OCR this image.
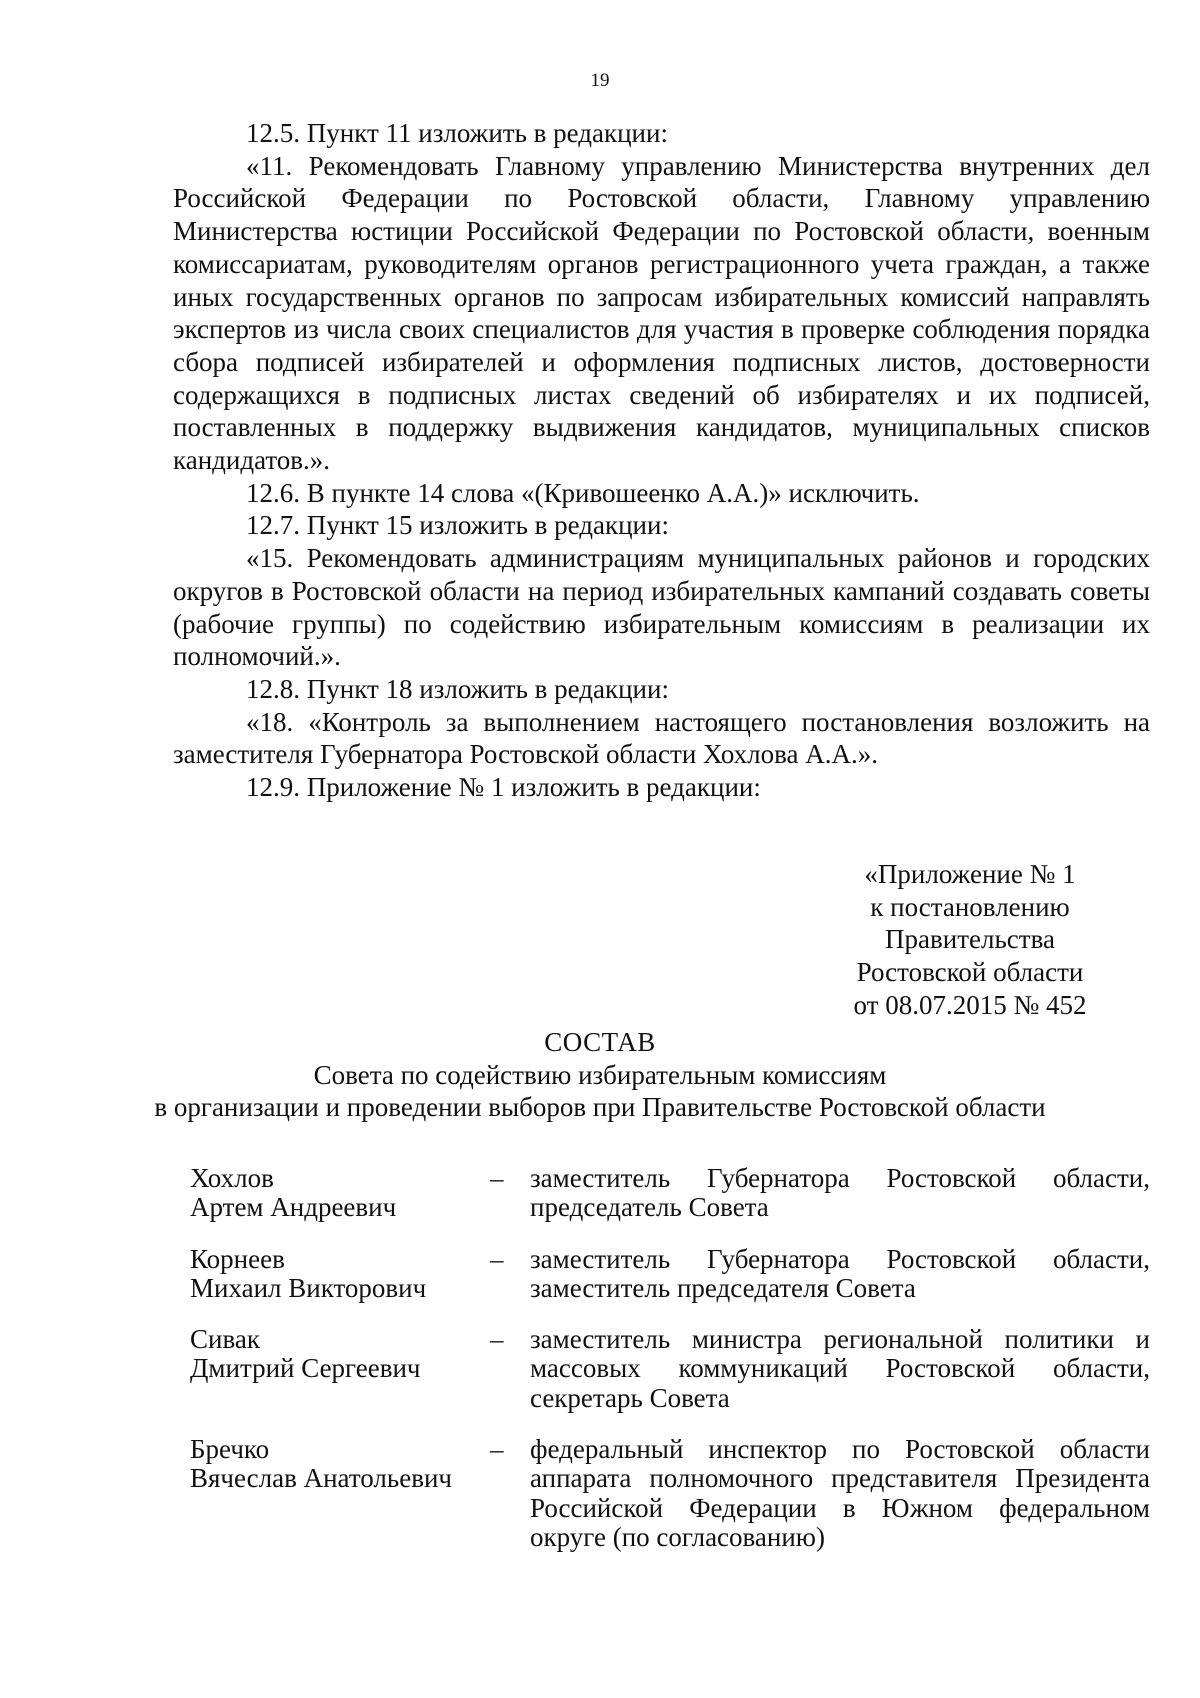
19

12.5. Пункт 11 изложить в редакции:

«11. Рекомендовать Главному управлению Министерства внутренних дел Российской Федерации по Ростовской области, Главному управлению Министерства юстиции Российской Федерации по Ростовской области, военным комиссариатам, руководителям органов регистрационного учета граждан, а также иных государственных органов по запросам избирательных комиссий направлять экспертов из числа своих специалистов для участия в проверке соблюдения порядка сбора подписей избирателей и оформления подписных листов, достоверности содержащихся в подписных листах сведений об избирателях и их подписей, поставленных в поддержку выдвижения кандидатов, муниципальных списков кандидатов.».

12.6. В пункте 14 слова «(Кривошеенко А.А.)» исключить.

12.7. Пункт 15 изложить в редакции:

«15. Рекомендовать администрациям муниципальных районов и городских округов в Ростовской области на период избирательных кампаний создавать советы (рабочие группы) по содействию избирательным комиссиям в реализации их полномочий.».

12.8. Пункт 18 изложить в редакции:

«18. «Контроль за выполнением настоящего постановления возложить на заместителя Губернатора Ростовской области Хохлова А.А.».

12.9. Приложение № 1 изложить в редакции:

«Приложение № 1
к постановлению
Правительства
Ростовской области
от 08.07.2015 № 452
СОСТАВ
Совета по содействию избирательным комиссиям
в организации и проведении выборов при Правительстве Ростовской области
Хохлов
Артем Андреевич
– заместитель Губернатора Ростовской области, председатель Совета
Корнеев
Михаил Викторович
– заместитель Губернатора Ростовской области, заместитель председателя Совета
Сивак
Дмитрий Сергеевич
– заместитель министра региональной политики и массовых коммуникаций Ростовской области, секретарь Совета
Бречко
Вячеслав Анатольевич
– федеральный инспектор по Ростовской области аппарата полномочного представителя Президента Российской Федерации в Южном федеральном округе (по согласованию)
